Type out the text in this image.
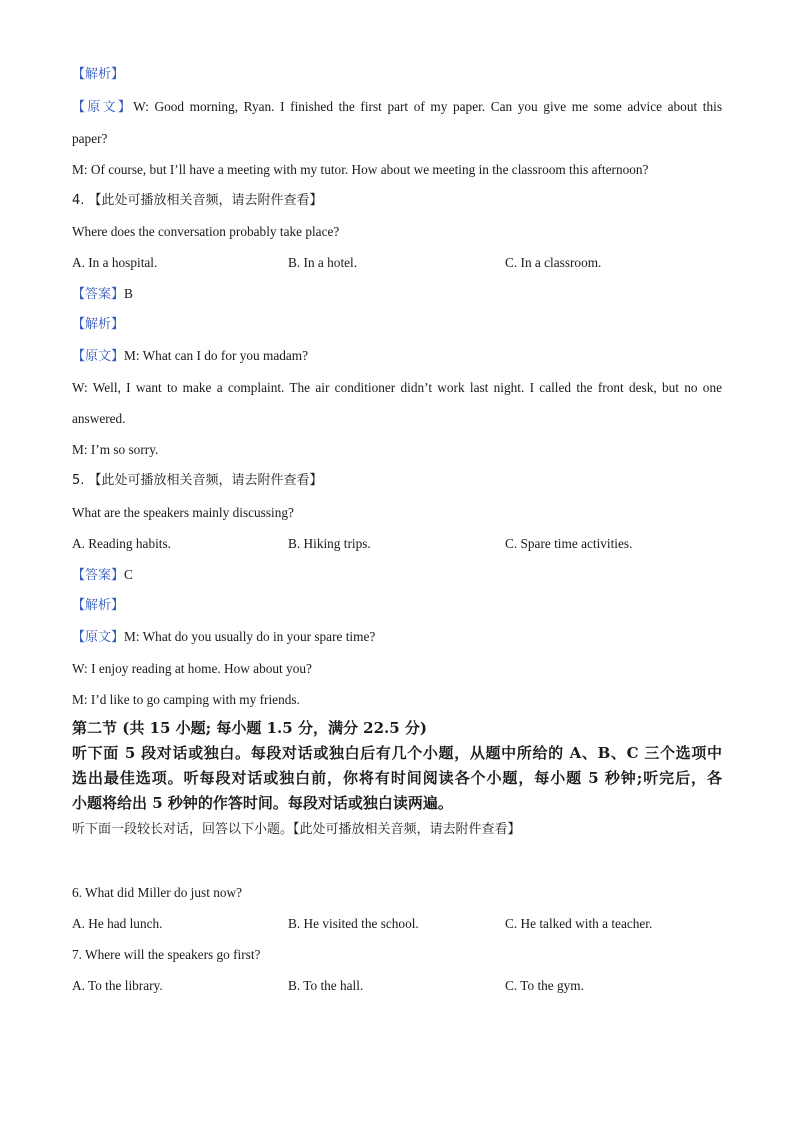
【解析】
【原文】W: Good morning, Ryan. I finished the first part of my paper. Can you give me some advice about this
paper?
M: Of course, but I’ll have a meeting with my tutor. How about we meeting in the classroom this afternoon?
4. 【此处可播放相关音频，请去附件查看】
Where does the conversation probably take place?
A. In a hospital.	B. In a hotel.	C. In a classroom.
【答案】B
【解析】
【原文】M: What can I do for you madam?
W: Well, I want to make a complaint. The air conditioner didn’t work last night. I called the front desk, but no one
answered.
M: I’m so sorry.
5. 【此处可播放相关音频，请去附件查看】
What are the speakers mainly discussing?
A. Reading habits.	B. Hiking trips.	C. Spare time activities.
【答案】C
【解析】
【原文】M: What do you usually do in your spare time?
W: I enjoy reading at home. How about you?
M: I’d like to go camping with my friends.
第二节 (共 15 小题; 每小题 1.5 分，满分 22.5 分)
听下面 5 段对话或独白。每段对话或独白后有几个小题，从题中所给的 A、B、C 三个选项中
选出最佳选项。听每段对话或独白前，你将有时间阅读各个小题，每小题 5 秒钟;听完后，各
小题将给出 5 秒钟的作答时间。每段对话或独白读两遍。
听下面一段较长对话，回答以下小题。【此处可播放相关音频，请去附件查看】
6. What did Miller do just now?
A. He had lunch.	B. He visited the school.	C. He talked with a teacher.
7. Where will the speakers go first?
A. To the library.	B. To the hall.	C. To the gym.
